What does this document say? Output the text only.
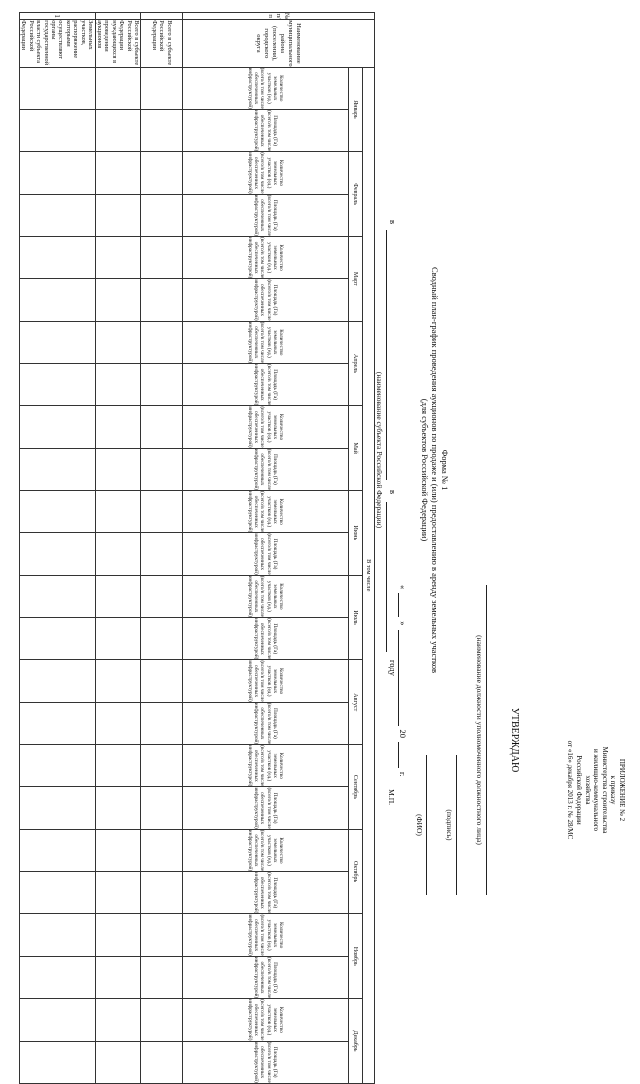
ПРИЛОЖЕНИЕ № 2
к приказу
Министерства строительства
и жилищно-коммунального
хозяйства
Российской Федерации
от «16» декабря 2013 г. № 28/МС
УТВЕРЖДАЮ
(наименование должности уполномоченного должностного лица)
(подпись)
(ФИО)
«
»
20
г.
М.П.
Форма № 1
Сводный план-график проведения аукционов по продаже и (или) предоставлению в аренду земельных участков
(для субъектов Российской Федерации)
в
в
году
(наименование субъекта Российской Федерации)
№ п/п	Наименование муниципального района (поселения), городского округа	В том числе																							
		Январь		Февраль		Март		Апрель		Май		Июнь		Июль		Август		Сентябрь		Октябрь		Ноябрь		Декабрь	
		Количество земельных участков (ед.) (всего/в том числе обеспеченных инфраструктурой)	Площадь (Га) (всего/в том числе обеспеченных инфраструктурой)	Количество земельных участков (ед.) (всего/в том числе обеспеченных инфраструктурой)	Площадь (Га) (всего/в том числе обеспеченных инфраструктурой)	Количество земельных участков (ед.) (всего/в том числе обеспеченных инфраструктурой)	Площадь (Га) (всего/в том числе обеспеченных инфраструктурой)	Количество земельных участков (ед.) (всего/в том числе обеспеченных инфраструктурой)	Площадь (Га) (всего/в том числе обеспеченных инфраструктурой)	Количество земельных участков (ед.) (всего/в том числе обеспеченных инфраструктурой)	Площадь (Га) (всего/в том числе обеспеченных инфраструктурой)	Количество земельных участков (ед.) (всего/в том числе обеспеченных инфраструктурой)	Площадь (Га) (всего/в том числе обеспеченных инфраструктурой)	Количество земельных участков (ед.) (всего/в том числе обеспеченных инфраструктурой)	Площадь (Га) (всего/в том числе обеспеченных инфраструктурой)	Количество земельных участков (ед.) (всего/в том числе обеспеченных инфраструктурой)	Площадь (Га) (всего/в том числе обеспеченных инфраструктурой)	Количество земельных участков (ед.) (всего/в том числе обеспеченных инфраструктурой)	Площадь (Га) (всего/в том числе обеспеченных инфраструктурой)	Количество земельных участков (ед.) (всего/в том числе обеспеченных инфраструктурой)	Площадь (Га) (всего/в том числе обеспеченных инфраструктурой)	Количество земельных участков (ед.) (всего/в том числе обеспеченных инфраструктурой)	Площадь (Га) (всего/в том числе обеспеченных инфраструктурой)	Количество земельных участков (ед.) (всего/в том числе обеспеченных инфраструктурой)	Площадь (Га) (всего/в том числе обеспеченных инфраструктурой)
	Всего в субъекте Российской Федерации																								
	Всего в субъекте Российской Федерации нуждающихся в проведении аукционов																								
1	Земельных участков, распоряжение которыми осуществляют органы государственной власти субъекта Российской Федерации																								
